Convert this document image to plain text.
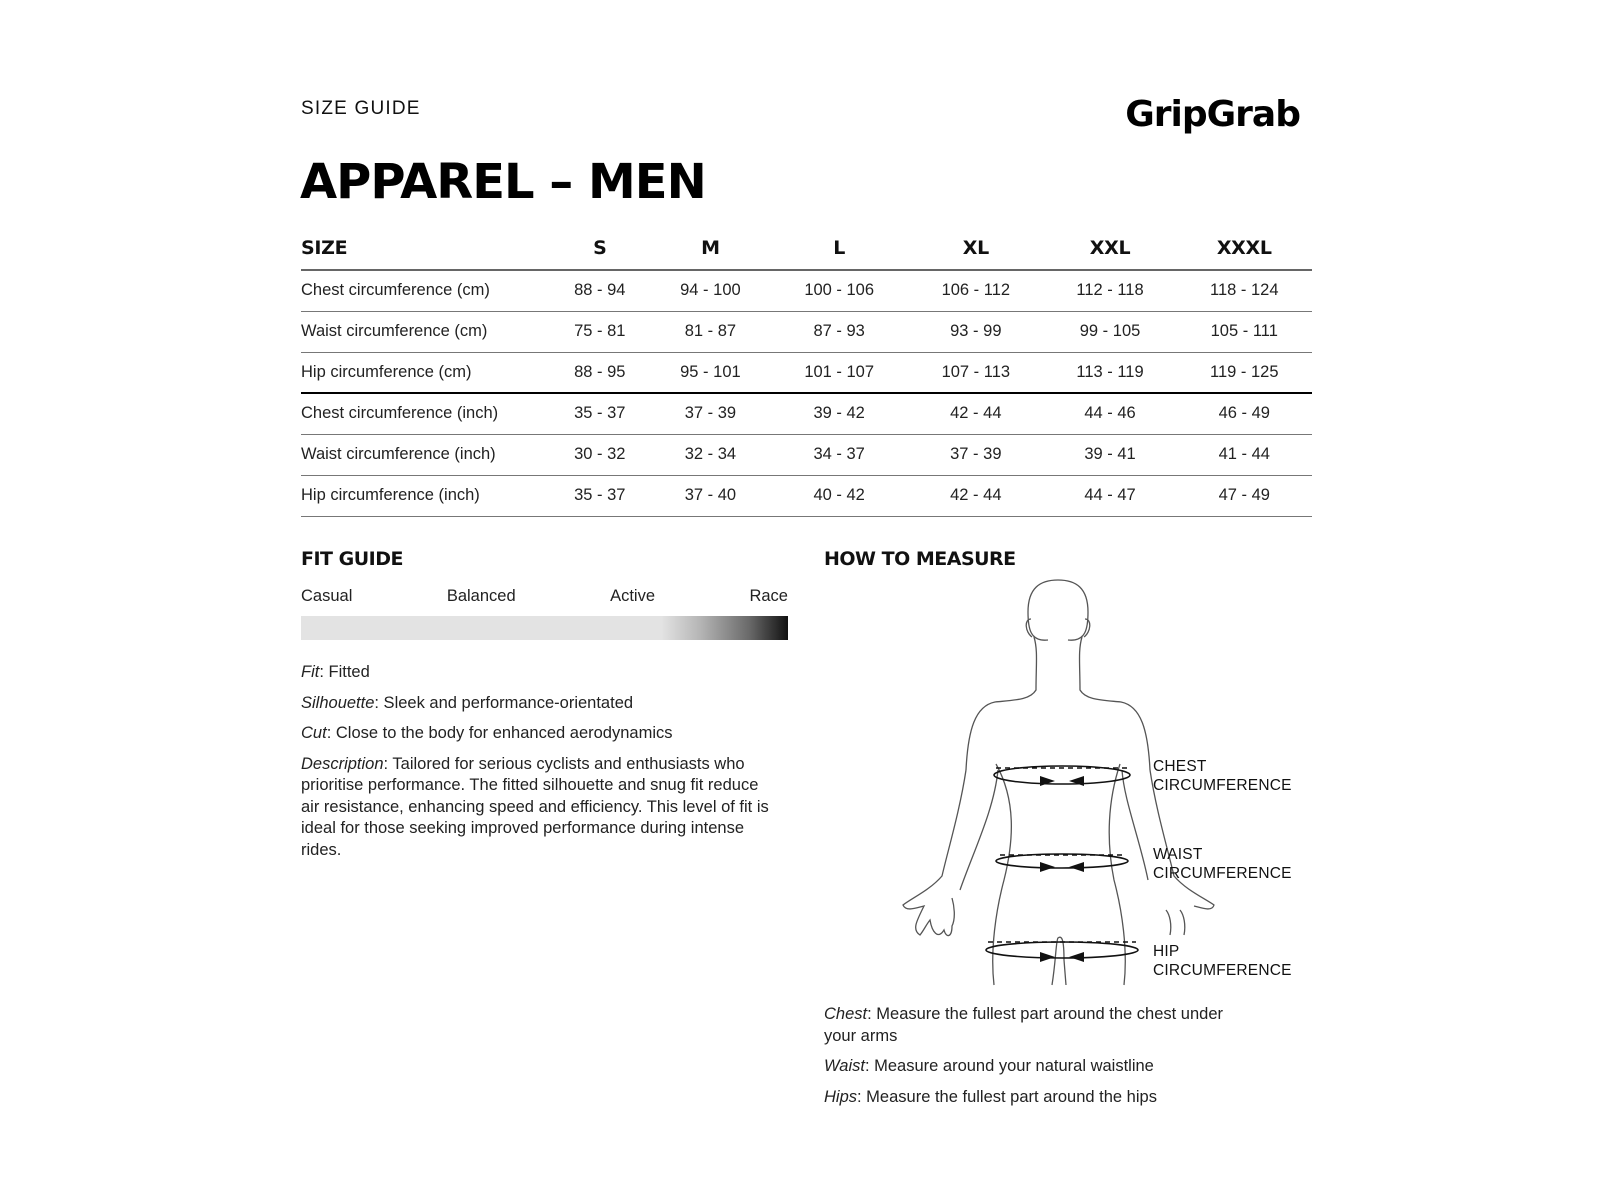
SIZE GUIDE	GripGrab
APPAREL – MEN
SIZE	S	M	L	XL	XXL	XXXL
Chest circumference (cm)	88 - 94	94 - 100	100 - 106	106 - 112	112 - 118	118 - 124
Waist circumference (cm)	75 - 81	81 - 87	87 - 93	93 - 99	99 - 105	105 - 111
Hip circumference (cm)	88 - 95	95 - 101	101 - 107	107 - 113	113 - 119	119 - 125
Chest circumference (inch)	35 - 37	37 - 39	39 - 42	42 - 44	44 - 46	46 - 49
Waist circumference (inch)	30 - 32	32 - 34	34 - 37	37 - 39	39 - 41	41 - 44
Hip circumference (inch)	35 - 37	37 - 40	40 - 42	42 - 44	44 - 47	47 - 49
FIT GUIDE
Casual	Balanced	Active	Race

Fit: Fitted

Silhouette: Sleek and performance-orientated

Cut: Close to the body for enhanced aerodynamics

Description: Tailored for serious cyclists and enthusiasts who prioritise performance. The fitted silhouette and snug fit reduce air resistance, enhancing speed and efficiency. This level of fit is ideal for those seeking improved performance during intense rides.

HOW TO MEASURE
CHEST
CIRCUMFERENCE
WAIST
CIRCUMFERENCE
HIP
CIRCUMFERENCE

Chest: Measure the fullest part around the chest under your arms

Waist: Measure around your natural waistline

Hips: Measure the fullest part around the hips
